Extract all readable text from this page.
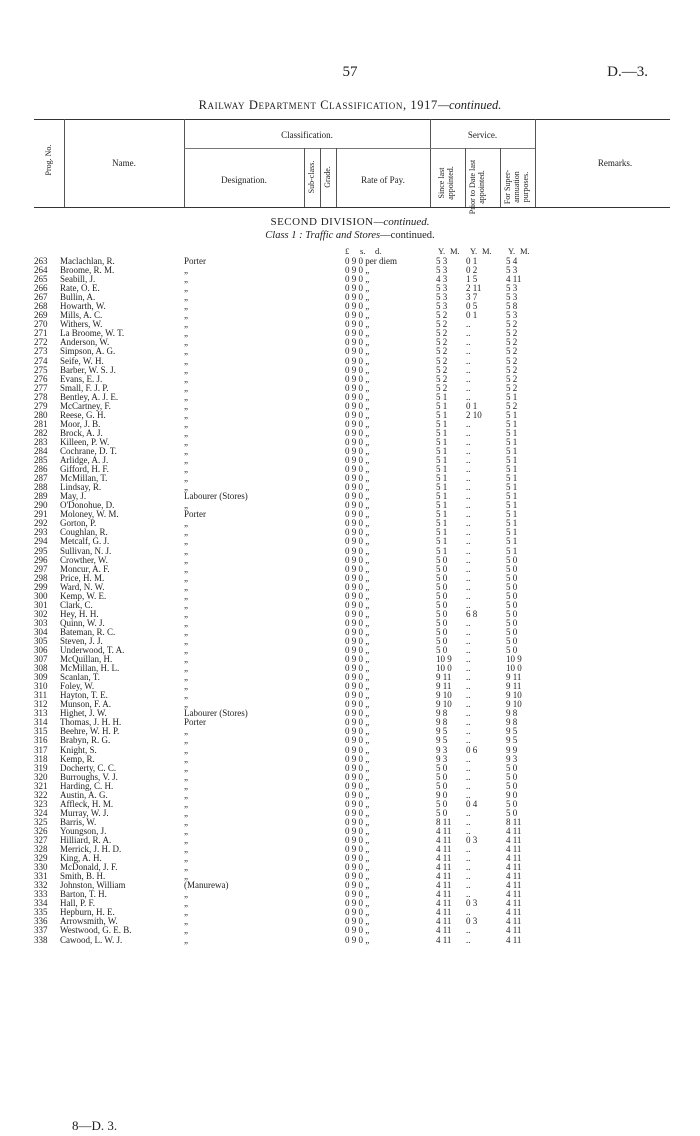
57	D.—3.
Railway Department Classification, 1917—continued.
Prog. No.	Name.
Classification.	Service.
Designation.	Sub-class. Grade.	Rate of Pay.	Since last appointed. Prior to Date last appointed.	For Super-annuation purposes.
Remarks.
SECOND DIVISION—continued.
Class 1 : Traffic and Stores—continued.
£ s. d.	Y. M. Y. M. Y. M.
263	Maclachlan, R.	Porter	0 9 0 per diem	5 3	0 1	5 4
264	Broome, R. M.	„	0 9 0 „	5 3	0 2	5 3
265	Seabill, J.	„	0 9 0 „	4 3	1 5	4 11
266	Rate, O. E.	„	0 9 0 „	5 3	2 11	5 3
267	Bullin, A.	„	0 9 0 „	5 3	3 7	5 3
268	Howarth, W.	„	0 9 0 „	5 3	0 5	5 8
269	Mills, A. C.	„	0 9 0 „	5 2	0 1	5 3
270	Withers, W.	„	0 9 0 „	5 2	..	5 2
271	La Broome, W. T.	„	0 9 0 „	5 2	..	5 2
272	Anderson, W.	„	0 9 0 „	5 2	..	5 2
273	Simpson, A. G.	„	0 9 0 „	5 2	..	5 2
274	Seife, W. H.	„	0 9 0 „	5 2	..	5 2
275	Barber, W. S. J.	„	0 9 0 „	5 2	..	5 2
276	Evans, E. J.	„	0 9 0 „	5 2	..	5 2
277	Small, F. J. P.	„	0 9 0 „	5 2	..	5 2
278	Bentley, A. J. E.	„	0 9 0 „	5 1	..	5 1
279	McCartney, F.	„	0 9 0 „	5 1	0 1	5 2
280	Reese, G. H.	„	0 9 0 „	5 1	2 10	5 1
281	Moor, J. B.	„	0 9 0 „	5 1	..	5 1
282	Brock, A. J.	„	0 9 0 „	5 1	..	5 1
283	Killeen, P. W.	„	0 9 0 „	5 1	..	5 1
284	Cochrane, D. T.	„	0 9 0 „	5 1	..	5 1
285	Arlidge, A. J.	„	0 9 0 „	5 1	..	5 1
286	Gifford, H. F.	„	0 9 0 „	5 1	..	5 1
287	McMillan, T.	„	0 9 0 „	5 1	..	5 1
288	Lindsay, R.	„	0 9 0 „	5 1	..	5 1
289	May, J.	Labourer (Stores)	0 9 0 „	5 1	..	5 1
290	O'Donohue, D.	„	0 9 0 „	5 1	..	5 1
291	Moloney, W. M.	Porter	0 9 0 „	5 1	..	5 1
292	Gorton, P.	„	0 9 0 „	5 1	..	5 1
293	Coughlan, R.	„	0 9 0 „	5 1	..	5 1
294	Metcalf, G. J.	„	0 9 0 „	5 1	..	5 1
295	Sullivan, N. J.	„	0 9 0 „	5 1	..	5 1
296	Crowther, W.	„	0 9 0 „	5 0	..	5 0
297	Moncur, A. F.	„	0 9 0 „	5 0	..	5 0
298	Price, H. M.	„	0 9 0 „	5 0	..	5 0
299	Ward, N. W.	„	0 9 0 „	5 0	..	5 0
300	Kemp, W. E.	„	0 9 0 „	5 0	..	5 0
301	Clark, C.	„	0 9 0 „	5 0	..	5 0
302	Hey, H. H.	„	0 9 0 „	5 0	6 8	5 0
303	Quinn, W. J.	„	0 9 0 „	5 0	..	5 0
304	Bateman, R. C.	„	0 9 0 „	5 0	..	5 0
305	Steven, J. J.	„	0 9 0 „	5 0	..	5 0
306	Underwood, T. A.	„	0 9 0 „	5 0	..	5 0
307	McQuillan, H.	„	0 9 0 „	10 9	..	10 9
308	McMillan, H. L.	„	0 9 0 „	10 0	..	10 0
309	Scanlan, T.	„	0 9 0 „	9 11	..	9 11
310	Foley, W.	„	0 9 0 „	9 11	..	9 11
311	Hayton, T. E.	„	0 9 0 „	9 10	..	9 10
312	Munson, F. A.	„	0 9 0 „	9 10	..	9 10
313	Highet, J. W.	Labourer (Stores)	0 9 0 „	9 8	..	9 8
314	Thomas, J. H. H.	Porter	0 9 0 „	9 8	..	9 8
315	Beehre, W. H. P.	„	0 9 0 „	9 5	..	9 5
316	Brabyn, R. G.	„	0 9 0 „	9 5	..	9 5
317	Knight, S.	„	0 9 0 „	9 3	0 6	9 9
318	Kemp, R.	„	0 9 0 „	9 3	..	9 3
319	Docherty, C. C.	„	0 9 0 „	5 0	..	5 0
320	Burroughs, V. J.	„	0 9 0 „	5 0	..	5 0
321	Harding, C. H.	„	0 9 0 „	5 0	..	5 0
322	Austin, A. G.	„	0 9 0 „	9 0	..	9 0
323	Affleck, H. M.	„	0 9 0 „	5 0	0 4	5 0
324	Murray, W. J.	„	0 9 0 „	5 0	..	5 0
325	Barris, W.	„	0 9 0 „	8 11	..	8 11
326	Youngson, J.	„	0 9 0 „	4 11	..	4 11
327	Hilliard, R. A.	„	0 9 0 „	4 11	0 3	4 11
328	Merrick, J. H. D.	„	0 9 0 „	4 11	..	4 11
329	King, A. H.	„	0 9 0 „	4 11	..	4 11
330	McDonald, J. F.	„	0 9 0 „	4 11	..	4 11
331	Smith, B. H.	„	0 9 0 „	4 11	..	4 11
332	Johnston, William	(Manurewa)	0 9 0 „	4 11	..	4 11
333	Barton, T. H.	„	0 9 0 „	4 11	..	4 11
334	Hall, P. F.	„	0 9 0 „	4 11	0 3	4 11
335	Hepburn, H. E.	„	0 9 0 „	4 11	..	4 11
336	Arrowsmith, W.	„	0 9 0 „	4 11	0 3	4 11
337	Westwood, G. E. B.	„	0 9 0 „	4 11	..	4 11
338	Cawood, L. W. J.	„	0 9 0 „	4 11	..	4 11
8—D. 3.
